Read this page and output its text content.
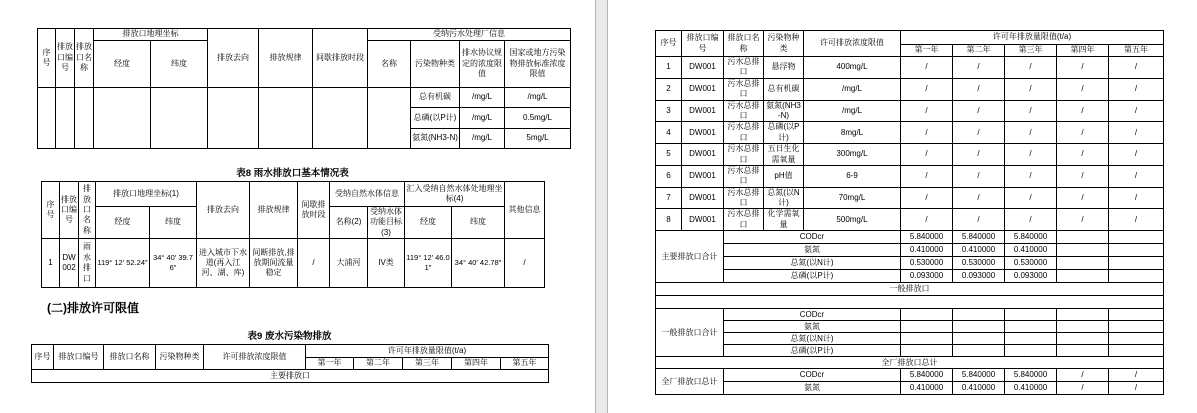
序号	排放口编号	排放口名称	排放口地理坐标		排放去向	排放规律	间歇排放时段	受纳污水处理厂信息			
			经度	纬度				名称	污染物种类	排水协议规定的浓度限值	国家或地方污染物排放标准浓度限值
									总有机碳	/mg/L	/mg/L
									总磷(以P计)	/mg/L	0.5mg/L
									氨氮(NH3-N)	/mg/L	5mg/L
表8 雨水排放口基本情况表
序号	排放口编号	排放口名称	排放口地理坐标(1)		排放去向	排放规律	间歇排放时段	受纳自然水体信息		汇入受纳自然水体处地理坐标(4)		其他信息
			经度	纬度				名称(2)	受纳水体功能目标(3)	经度	纬度	
1	DW002	雨水排口	119° 12′ 52.24″	34° 40′ 39.76″	进入城市下水道(再入江河、湖、库)	间断排放,排放期间流量稳定	/	大浦河	IV类	119° 12′ 46.01″	34° 40′ 42.78″	/
(二)排放许可限值
表9 废水污染物排放
序号	排放口编号	排放口名称	污染物种类	许可排放浓度限值	许可年排放量限值(t/a)				
					第一年	第二年	第三年	第四年	第五年
主要排放口									
序号	排放口编号	排放口名称	污染物种类	许可排放浓度限值	许可年排放量限值(t/a)				
					第一年	第二年	第三年	第四年	第五年
1	DW001	污水总排口	悬浮物	400mg/L	/	/	/	/	/
2	DW001	污水总排口	总有机碳	/mg/L	/	/	/	/	/
3	DW001	污水总排口	氨氮(NH3-N)	/mg/L	/	/	/	/	/
4	DW001	污水总排口	总磷(以P计)	8mg/L	/	/	/	/	/
5	DW001	污水总排口	五日生化需氧量	300mg/L	/	/	/	/	/
6	DW001	污水总排口	pH值	6-9	/	/	/	/	/
7	DW001	污水总排口	总氮(以N计)	70mg/L	/	/	/	/	/
8	DW001	污水总排口	化学需氧量	500mg/L	/	/	/	/	/
主要排放口合计		CODcr			5.840000	5.840000	5.840000		
		氨氮			0.410000	0.410000	0.410000		
		总氮(以N计)			0.530000	0.530000	0.530000		
		总磷(以P计)			0.093000	0.093000	0.093000		
一般排放口									

一般排放口合计		CODcr							
		氨氮							
		总氮(以N计)							
		总磷(以P计)							
全厂排放口总计									
全厂排放口总计		CODcr			5.840000	5.840000	5.840000	/	/
		氨氮			0.410000	0.410000	0.410000	/	/
